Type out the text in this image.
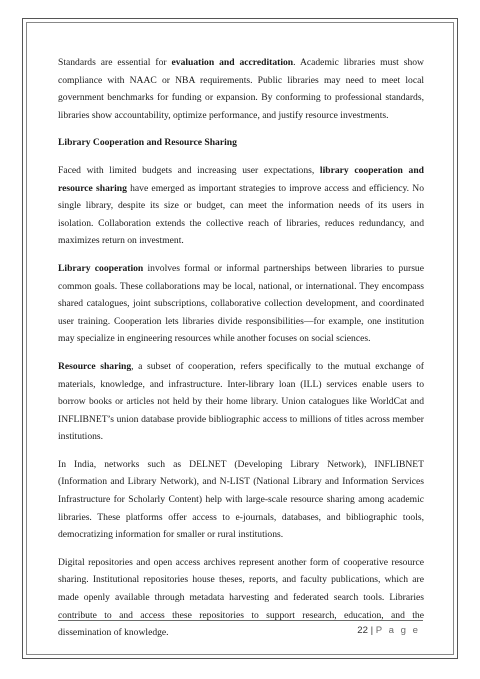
Standards are essential for evaluation and accreditation. Academic libraries must show compliance with NAAC or NBA requirements. Public libraries may need to meet local government benchmarks for funding or expansion. By conforming to professional standards, libraries show accountability, optimize performance, and justify resource investments.

Library Cooperation and Resource Sharing

Faced with limited budgets and increasing user expectations, library cooperation and resource sharing have emerged as important strategies to improve access and efficiency. No single library, despite its size or budget, can meet the information needs of its users in isolation. Collaboration extends the collective reach of libraries, reduces redundancy, and maximizes return on investment.

Library cooperation involves formal or informal partnerships between libraries to pursue common goals. These collaborations may be local, national, or international. They encompass shared catalogues, joint subscriptions, collaborative collection development, and coordinated user training. Cooperation lets libraries divide responsibilities—for example, one institution may specialize in engineering resources while another focuses on social sciences.

Resource sharing, a subset of cooperation, refers specifically to the mutual exchange of materials, knowledge, and infrastructure. Inter-library loan (ILL) services enable users to borrow books or articles not held by their home library. Union catalogues like WorldCat and INFLIBNET’s union database provide bibliographic access to millions of titles across member institutions.

In India, networks such as DELNET (Developing Library Network), INFLIBNET (Information and Library Network), and N-LIST (National Library and Information Services Infrastructure for Scholarly Content) help with large-scale resource sharing among academic libraries. These platforms offer access to e-journals, databases, and bibliographic tools, democratizing information for smaller or rural institutions.

Digital repositories and open access archives represent another form of cooperative resource sharing. Institutional repositories house theses, reports, and faculty publications, which are made openly available through metadata harvesting and federated search tools. Libraries contribute to and access these repositories to support research, education, and the dissemination of knowledge.	22 | P a g e
